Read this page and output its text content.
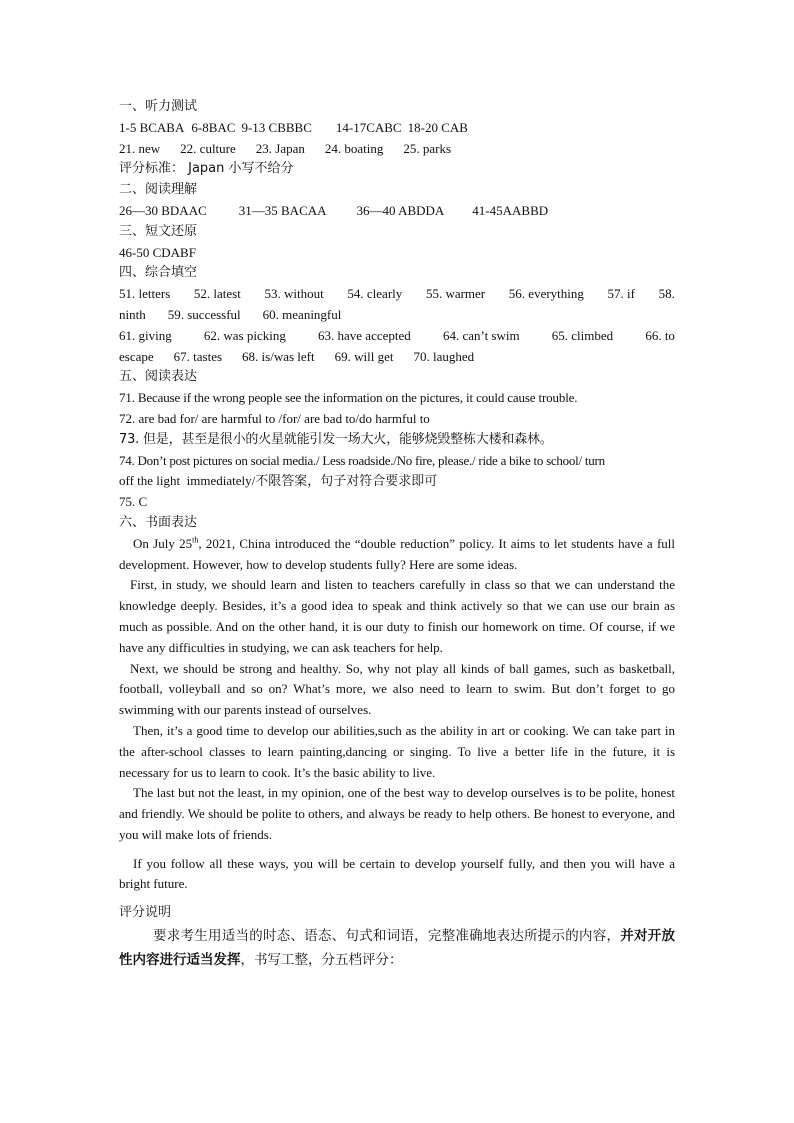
一、听力测试
1-5 BCABA 6-8BAC 9-13 CBBBC 14-17CABC 18-20 CAB
21. new 22. culture 23. Japan 24. boating 25. parks
评分标准： Japan 小写不给分
二、阅读理解
26—30 BDAAC 31—35 BACAA 36—40 ABDDA 41-45AABBD
三、短文还原
46-50 CDABF
四、综合填空
51. letters 52. latest 53. without 54. clearly 55. warmer 56. everything 57. if 58.
ninth 59. successful 60. meaningful
61. giving 62. was picking 63. have accepted 64. can’t swim 65. climbed 66. to
escape 67. tastes 68. is/was left 69. will get 70. laughed
五、阅读表达
71. Because if the wrong people see the information on the pictures, it could cause trouble.
72. are bad for/ are harmful to /for/ are bad to/do harmful to
73. 但是，甚至是很小的火星就能引发一场大火，能够烧毁整栋大楼和森林。
74. Don’t post pictures on social media./ Less roadside./No fire, please./ ride a bike to school/ turn
off the light  immediately/不限答案，句子对符合要求即可
75. C
六、书面表达
On July 25th, 2021, China introduced the “double reduction” policy. It aims to let students have a full development. However, how to develop students fully? Here are some ideas.
First, in study, we should learn and listen to teachers carefully in class so that we can understand the knowledge deeply. Besides, it’s a good idea to speak and think actively so that we can use our brain as much as possible. And on the other hand, it is our duty to finish our homework on time. Of course, if we have any difficulties in studying, we can ask teachers for help.
Next, we should be strong and healthy. So, why not play all kinds of ball games, such as basketball, football, volleyball and so on? What’s more, we also need to learn to swim. But don’t forget to go swimming with our parents instead of ourselves.
Then, it’s a good time to develop our abilities,such as the ability in art or cooking. We can take part in the after-school classes to learn painting,dancing or singing. To live a better life in the future, it is necessary for us to learn to cook. It’s the basic ability to live.
The last but not the least, in my opinion, one of the best way to develop ourselves is to be polite, honest and friendly. We should be polite to others, and always be ready to help others. Be honest to everyone, and you will make lots of friends.
If you follow all these ways, you will be certain to develop yourself fully, and then you will have a bright future.
评分说明
要求考生用适当的时态、语态、句式和词语，完整准确地表达所提示的内容，并对开放性内容进行适当发挥，书写工整，分五档评分：
